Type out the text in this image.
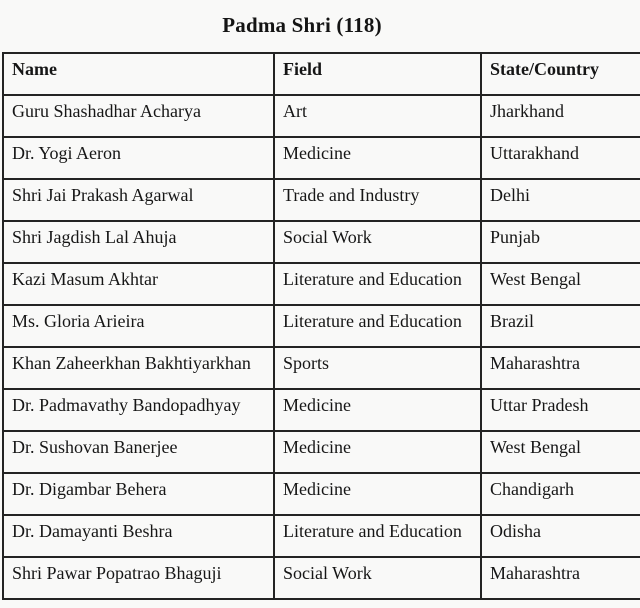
Padma Shri (118)
Name	Field	State/Country
Guru Shashadhar Acharya	Art	Jharkhand
Dr. Yogi Aeron	Medicine	Uttarakhand
Shri Jai Prakash Agarwal	Trade and Industry	Delhi
Shri Jagdish Lal Ahuja	Social Work	Punjab
Kazi Masum Akhtar	Literature and Education	West Bengal
Ms. Gloria Arieira	Literature and Education	Brazil
Khan Zaheerkhan Bakhtiyarkhan	Sports	Maharashtra
Dr. Padmavathy Bandopadhyay	Medicine	Uttar Pradesh
Dr. Sushovan Banerjee	Medicine	West Bengal
Dr. Digambar Behera	Medicine	Chandigarh
Dr. Damayanti Beshra	Literature and Education	Odisha
Shri Pawar Popatrao Bhaguji	Social Work	Maharashtra
